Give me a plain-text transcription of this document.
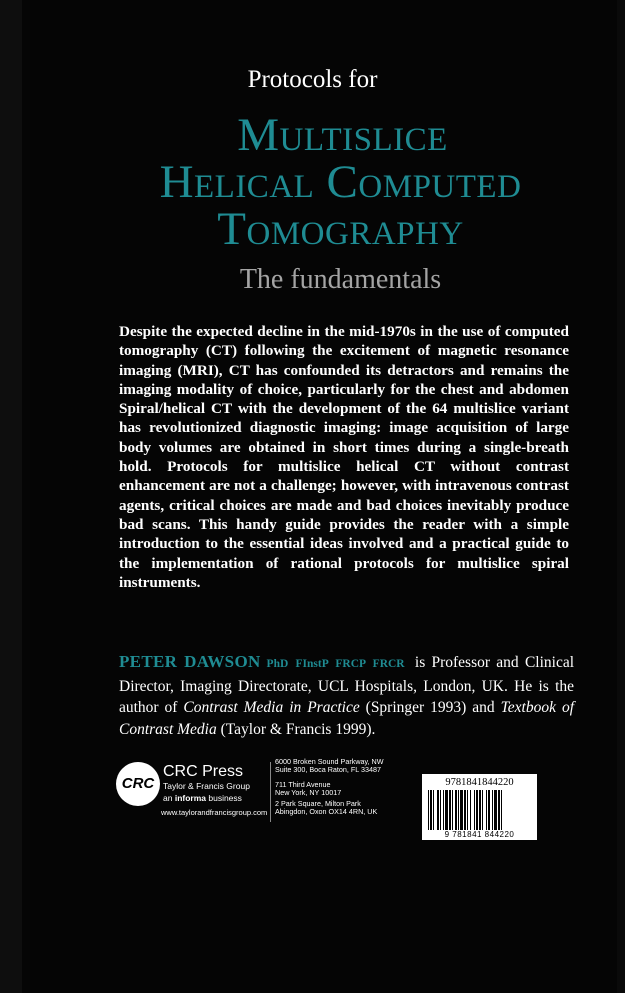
Protocols for
Multislice
Helical Computed
Tomography
The fundamentals
Despite the expected decline in the mid-1970s in the use of computed tomography (CT) following the excitement of magnetic resonance imaging (MRI), CT has confounded its detractors and remains the imaging modality of choice, particularly for the chest and abdomen Spiral/helical CT with the development of the 64 multislice variant has revolutionized diagnostic imaging: image acquisition of large body volumes are obtained in short times during a single-breath hold. Protocols for multislice helical CT without contrast enhancement are not a challenge; however, with intravenous contrast agents, critical choices are made and bad choices inevitably produce bad scans. This handy guide provides the reader with a simple introduction to the essential ideas involved and a practical guide to the implementation of rational protocols for multislice spiral instruments.
PETER DAWSON PhD FInstP FRCP FRCR is Professor and Clinical Director, Imaging Directorate, UCL Hospitals, London, UK. He is the author of Contrast Media in Practice (Springer 1993) and Textbook of Contrast Media (Taylor & Francis 1999).
CRC
CRC Press
Taylor & Francis Group
an informa business
www.taylorandfrancisgroup.com
6000 Broken Sound Parkway, NW
Suite 300, Boca Raton, FL 33487
711 Third Avenue
New York, NY 10017
2 Park Square, Milton Park
Abingdon, Oxon OX14 4RN, UK
9781841844220
9 781841 844220
